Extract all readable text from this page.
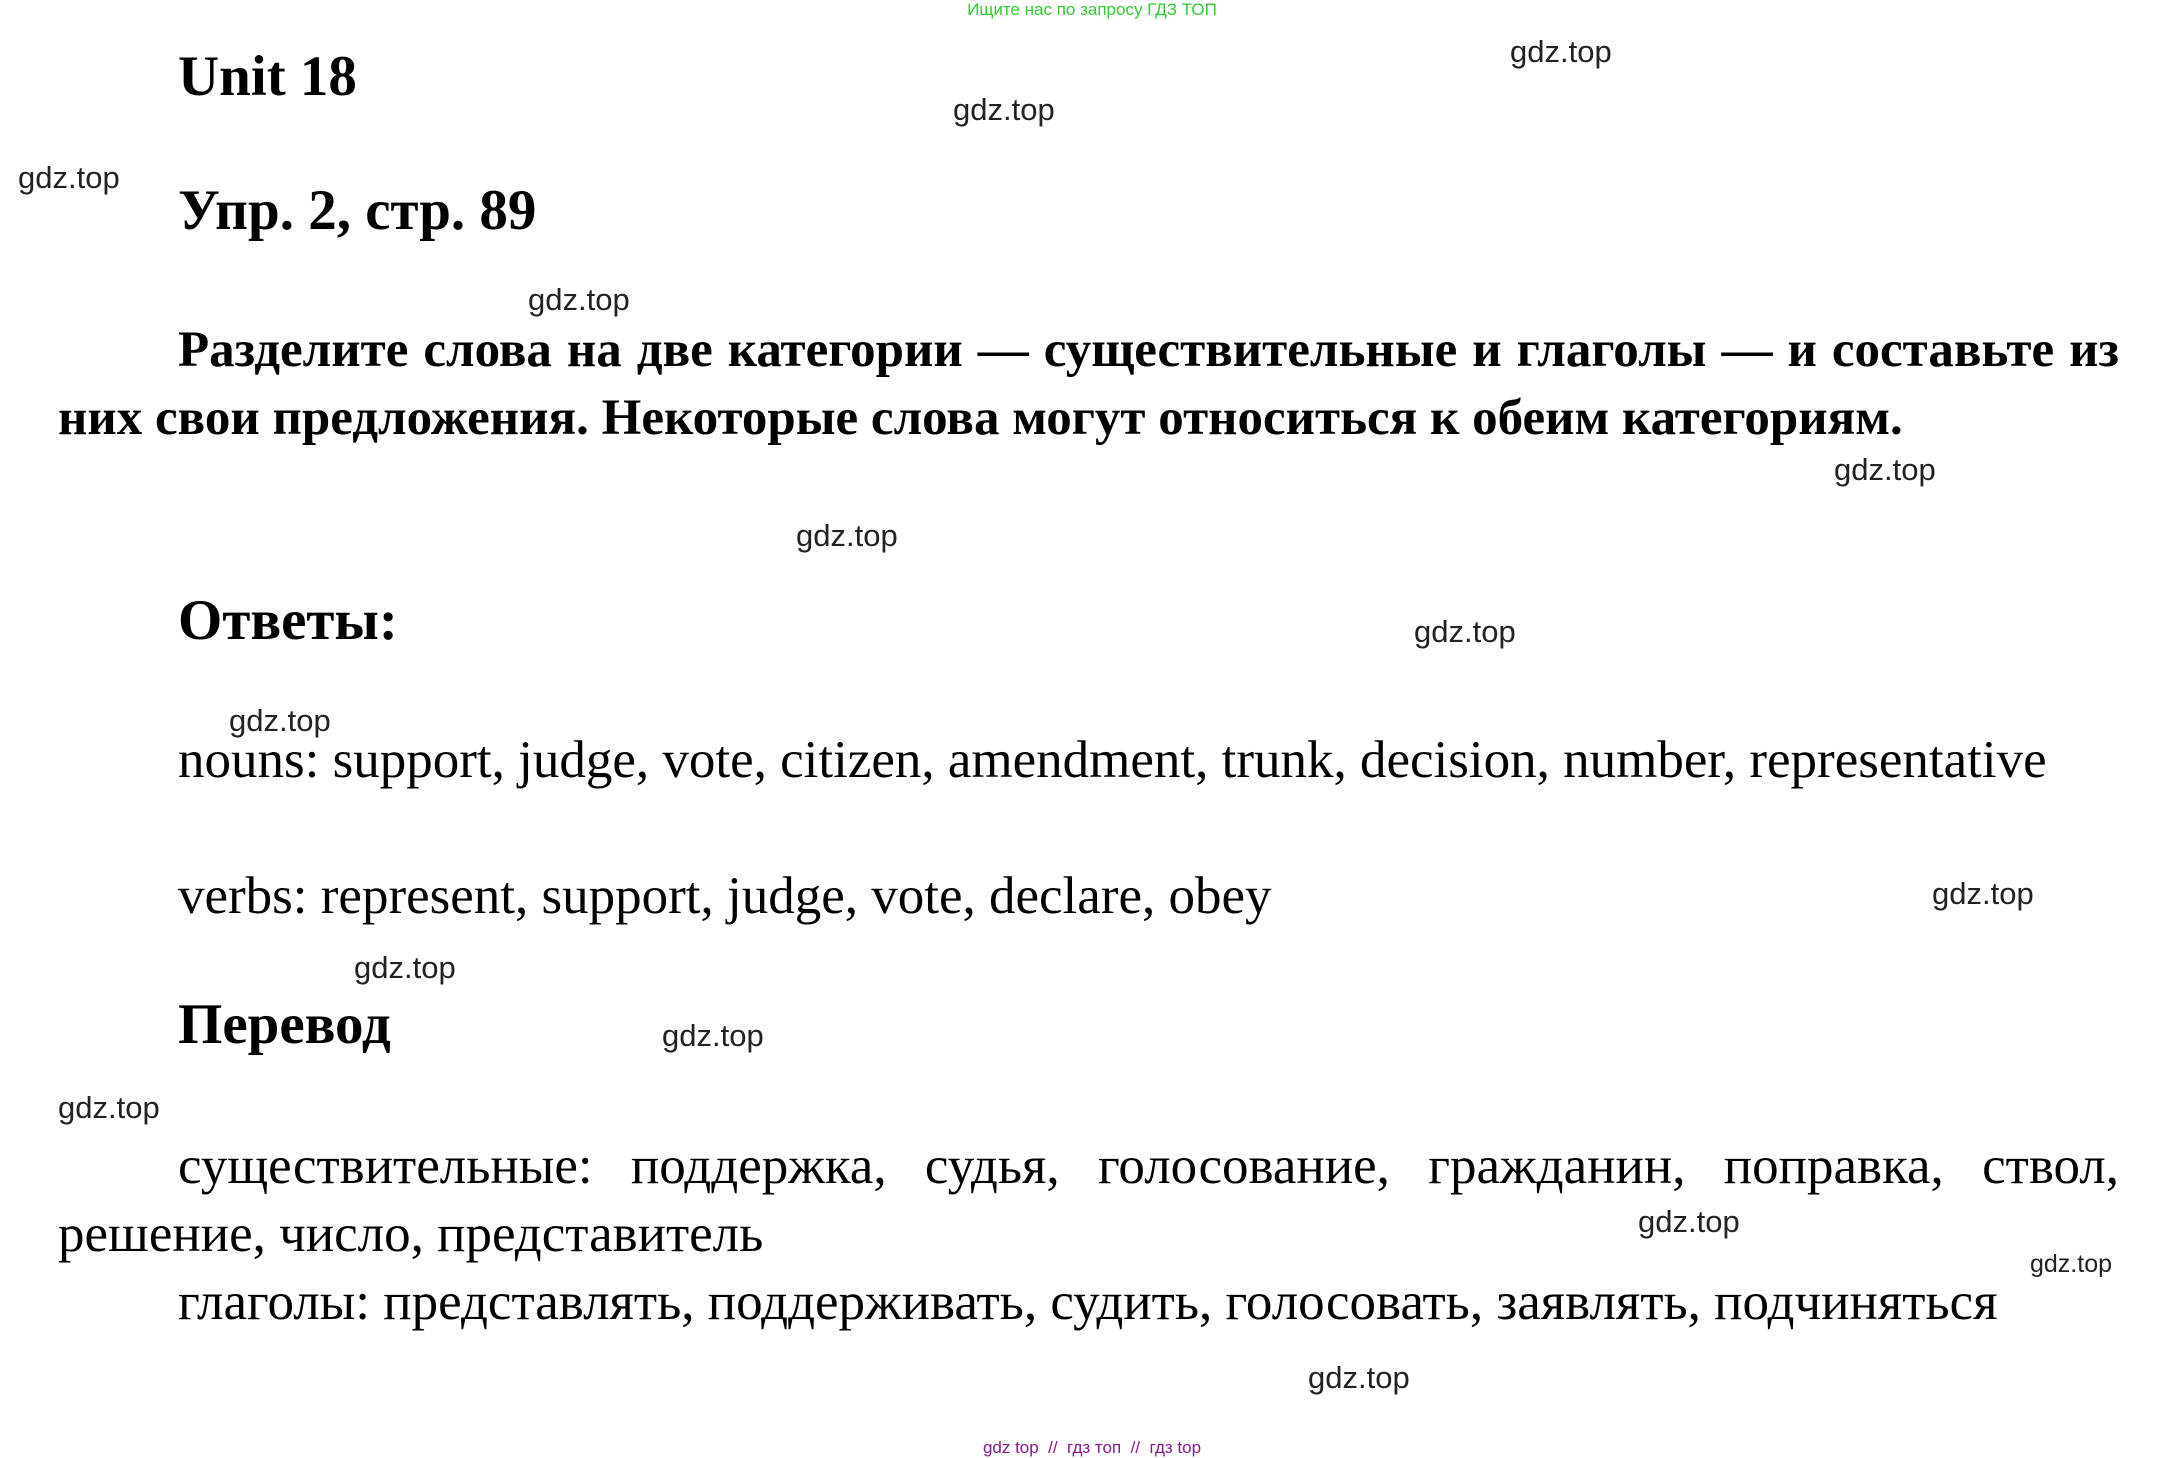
Ищите нас по запросу ГДЗ ТОП
Unit 18
Упр. 2, стр. 89

Разделите слова на две категории — существительные и глаголы — и составьте из них свои предложения. Некоторые слова могут относиться к обеим категориям.

Ответы:

nouns: support, judge, vote, citizen, amendment, trunk, decision, number, representative

verbs: represent, support, judge, vote, declare, obey

Перевод

существительные: поддержка, судья, голосование, гражданин, поправка, ствол, решение, число, представитель

глаголы: представлять, поддерживать, судить, голосовать, заявлять, подчиняться

gdz.top
gdz.top
gdz.top
gdz.top
gdz.top
gdz.top
gdz.top
gdz.top
gdz.top
gdz.top
gdz.top
gdz.top
gdz.top
gdz.top
gdz.top
gdz top  //  гдз топ  //  гдз top
